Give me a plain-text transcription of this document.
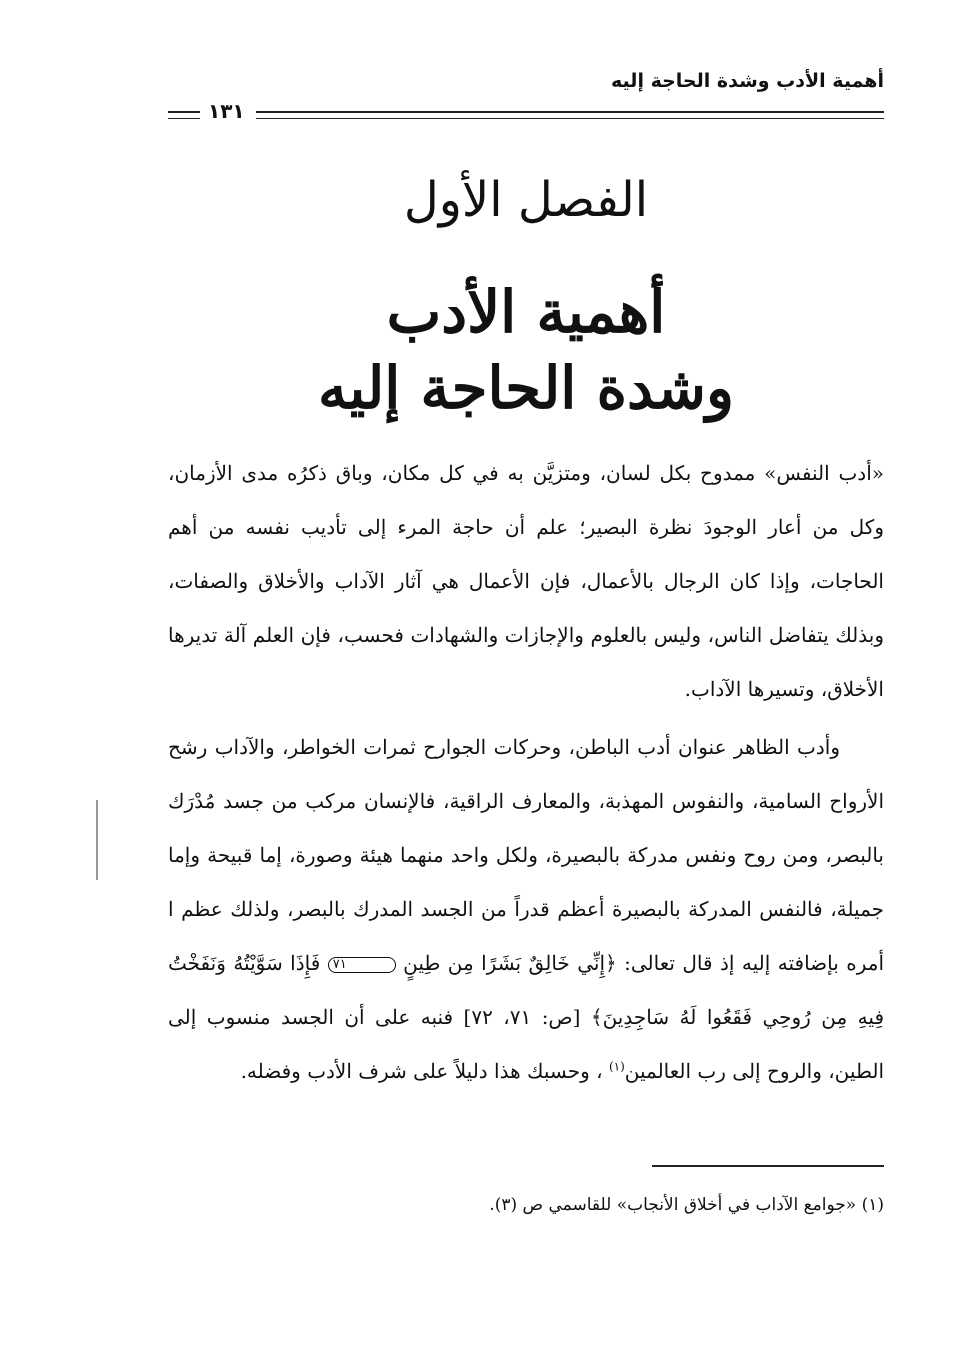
أهمية الأدب وشدة الحاجة إليه
١٣١
الفصل الأول
أهمية الأدب
وشدة الحاجة إليه

«أدب النفس» ممدوح بكل لسان، ومتزيَّن به في كل مكان، وباق ذكرُه مدى الأزمان، وكل من أعار الوجودَ نظرة البصير؛ علم أن حاجة المرء إلى تأديب نفسه من أهم الحاجات، وإذا كان الرجال بالأعمال، فإن الأعمال هي آثار الآداب والأخلاق والصفات، وبذلك يتفاضل الناس، وليس بالعلوم والإجازات والشهادات فحسب، فإن العلم آلة تديرها الأخلاق، وتسيرها الآداب.

وأدب الظاهر عنوان أدب الباطن، وحركات الجوارح ثمرات الخواطر، والآداب رشح الأرواح السامية، والنفوس المهذبة، والمعارف الراقية، فالإنسان مركب من جسد مُدْرَك بالبصر، ومن روح ونفس مدركة بالبصيرة، ولكل واحد منهما هيئة وصورة، إما قبيحة وإما جميلة، فالنفس المدركة بالبصيرة أعظم قدراً من الجسد المدرك بالبصر، ولذلك عظم ا أمره بإضافته إليه إذ قال تعالى: ﴿إِنِّي خَالِقٌ بَشَرًا مِن طِينٍ ٧١ فَإِذَا سَوَّيْتُهُ وَنَفَخْتُ فِيهِ مِن رُوحِي فَقَعُوا لَهُ سَاجِدِينَ﴾ [ص: ٧١، ٧٢] فنبه على أن الجسد منسوب إلى الطين، والروح إلى رب العالمين$^{(١)}$ ، وحسبك هذا دليلاً على شرف الأدب وفضله.

(١) «جوامع الآداب في أخلاق الأنجاب» للقاسمي ص (٣).
